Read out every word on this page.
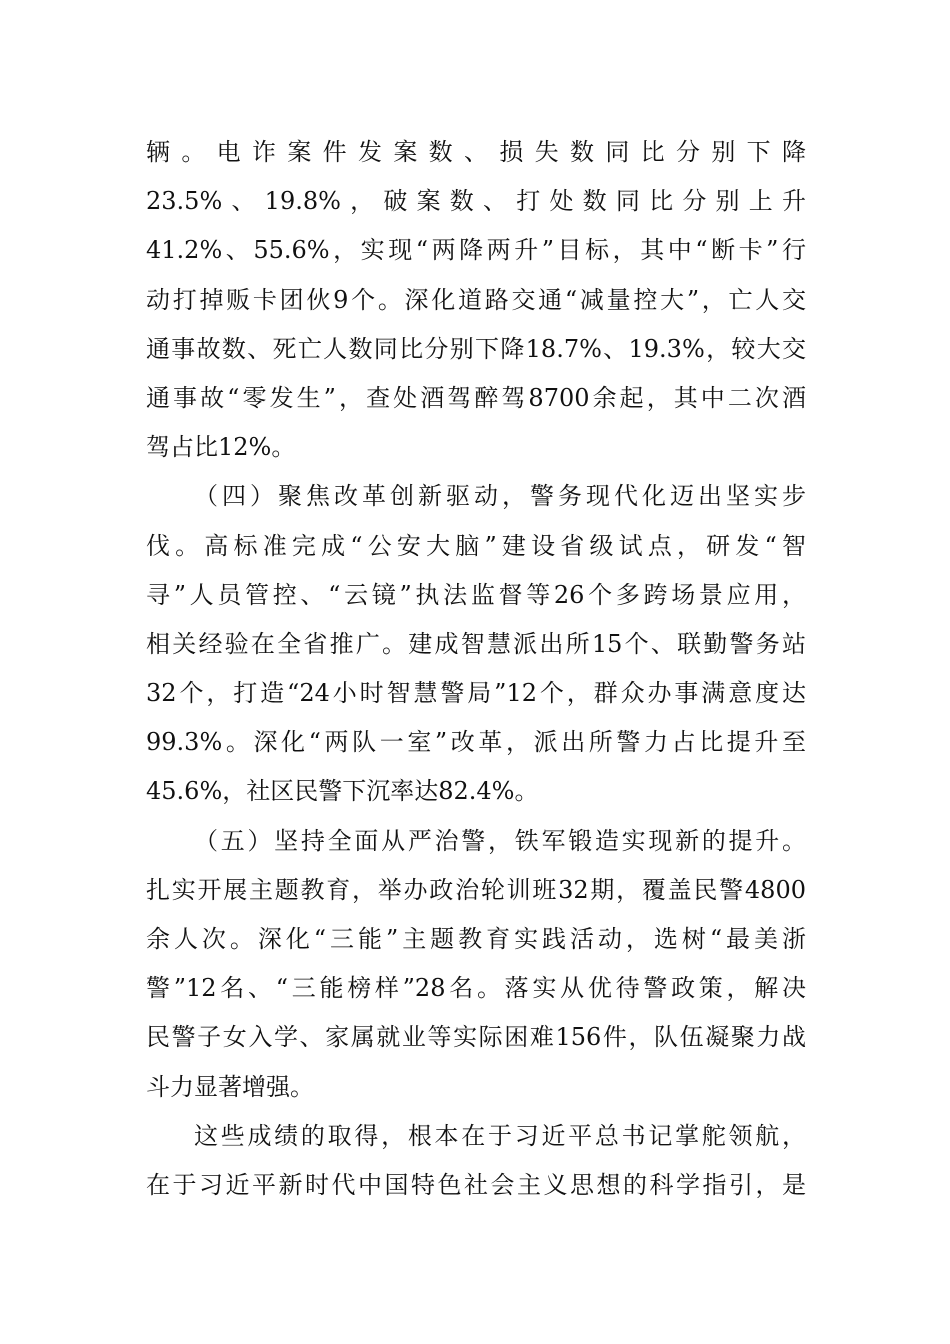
辆。电诈案件发案数、损失数同比分别下降
23.5%、19.8%，破案数、打处数同比分别上升
41.2%、55.6%，实现“两降两升”目标，其中“断卡”行
动打掉贩卡团伙9个。深化道路交通“减量控大”，亡人交
通事故数、死亡人数同比分别下降18.7%、19.3%，较大交
通事故“零发生”，查处酒驾醉驾8700余起，其中二次酒
驾占比12%。
（四）聚焦改革创新驱动，警务现代化迈出坚实步
伐。高标准完成“公安大脑”建设省级试点，研发“智
寻”人员管控、“云镜”执法监督等26个多跨场景应用，
相关经验在全省推广。建成智慧派出所15个、联勤警务站
32个，打造“24小时智慧警局”12个，群众办事满意度达
99.3%。深化“两队一室”改革，派出所警力占比提升至
45.6%，社区民警下沉率达82.4%。
（五）坚持全面从严治警，铁军锻造实现新的提升。
扎实开展主题教育，举办政治轮训班32期，覆盖民警4800
余人次。深化“三能”主题教育实践活动，选树“最美浙
警”12名、“三能榜样”28名。落实从优待警政策，解决
民警子女入学、家属就业等实际困难156件，队伍凝聚力战
斗力显著增强。
这些成绩的取得，根本在于习近平总书记掌舵领航，
在于习近平新时代中国特色社会主义思想的科学指引，是
